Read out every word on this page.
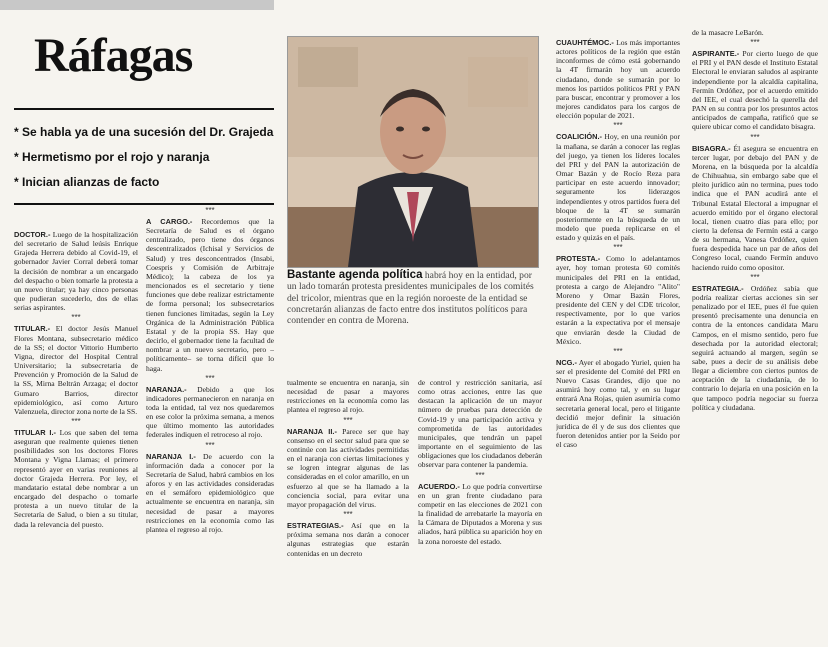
Ráfagas
* Se habla ya de una sucesión del Dr. Grajeda
* Hermetismo por el rojo y naranja
* Inician alianzas de facto
Bastante agenda política habrá hoy en la entidad, por un lado tomarán protesta presidentes municipales de los comités del tricolor, mientras que en la región noroeste de la entidad se concretarán alianzas de facto entre dos institutos políticos para contender en contra de Morena.

DOCTOR.- Luego de la hospitalización del secretario de Salud leúsis Enrique Grajeda Herrera debido al Covid-19, el gobernador Javier Corral deberá tomar la decisión de nombrar a un encargado del despacho o bien tomarle la protesta a un nuevo titular; ya hay cinco personas que pudieran sucederlo, dos de ellas serias aspirantes.

***

TITULAR.- El doctor Jesús Manuel Flores Montana, subsecretario médico de la SS; el doctor Vittorio Humberto Vigna, director del Hospital Central Universitario; la subsecretaria de Prevención y Promoción de la Salud de la SS, Mirna Beltrán Arzaga; el doctor Gumaro Barrios, director epidemiológico, así como Arturo Valenzuela, director zona norte de la SS.

***

TITULAR I.- Los que saben del tema aseguran que realmente quienes tienen posibilidades son los doctores Flores Montana y Vigna Llamas; el primero representó ayer en varias reuniones al doctor Grajeda Herrera. Por ley, el mandatario estatal debe nombrar a un encargado del despacho o tomarle protesta a un nuevo titular de la Secretaría de Salud, o bien a su titular, dada la relevancia del puesto.

***

A CARGO.- Recordemos que la Secretaría de Salud es el órgano centralizado, pero tiene dos órganos descentralizados (Ichisal y Servicios de Salud) y tres desconcentrados (Insabi, Coespris y Comisión de Arbitraje Médico); la cabeza de los ya mencionados es el secretario y tiene funciones que debe realizar estrictamente de forma personal; los subsecretarios tienen funciones limitadas, según la Ley Orgánica de la Administración Pública Estatal y de la propia SS. Hay que decirlo, el gobernador tiene la facultad de nombrar a un nuevo secretario, pero –políticamente– se torna difícil que lo haga.

***

NARANJA.- Debido a que los indicadores permanecieron en naranja en toda la entidad, tal vez nos quedaremos en ese color la próxima semana, a menos que último momento las autoridades federales indiquen el retroceso al rojo.

***

NARANJA I.- De acuerdo con la información dada a conocer por la Secretaría de Salud, habrá cambios en los aforos y en las actividades consideradas en el semáforo epidemiológico que actualmente se encuentra en naranja, sin necesidad de pasar a mayores restricciones en la economía como las plantea el regreso al rojo.

tualmente se encuentra en naranja, sin necesidad de pasar a mayores restricciones en la economía como las plantea el regreso al rojo.

***

NARANJA II.- Parece ser que hay consenso en el sector salud para que se continúe con las actividades permitidas en el naranja con ciertas limitaciones y se logren integrar algunas de las consideradas en el color amarillo, en un esfuerzo al que se ha llamado a la conciencia social, para evitar una mayor propagación del virus.

***

ESTRATEGIAS.- Así que en la próxima semana nos darán a conocer algunas estrategias que estarán contenidas en un decreto

de control y restricción sanitaria, así como otras acciones, entre las que destacan la aplicación de un mayor número de pruebas para detección de Covid-19 y una participación activa y comprometida de las autoridades municipales, que tendrán un papel importante en el seguimiento de las obligaciones que los ciudadanos deberán observar para contener la pandemia.

***

ACUERDO.- Lo que podría convertirse en un gran frente ciudadano para competir en las elecciones de 2021 con la finalidad de arrebatarle la mayoría en la Cámara de Diputados a Morena y sus aliados, hará pública su aparición hoy en la zona noroeste del estado.

CUAUHTÉMOC.- Los más importantes actores políticos de la región que están inconformes de cómo está gobernando la 4T firmarán hoy un acuerdo ciudadano, donde se sumarán por lo menos los partidos políticos PRI y PAN para buscar, encontrar y promover a los mejores candidatos para los cargos de elección popular de 2021.

***

COALICIÓN.- Hoy, en una reunión por la mañana, se darán a conocer las reglas del juego, ya tienen los líderes locales del PRI y del PAN la autorización de Omar Bazán y de Rocío Reza para participar en este acuerdo innovador; seguramente los liderazgos independientes y otros partidos fuera del bloque de la 4T se sumarán posteriormente en la búsqueda de un modelo que pueda replicarse en el estado y quizás en el país.

***

PROTESTA.- Como lo adelantamos ayer, hoy toman protesta 60 comités municipales del PRI en la entidad, protesta a cargo de Alejandro "Alito" Moreno y Omar Bazán Flores, presidente del CEN y del CDE tricolor, respectivamente, por lo que varios estarán a la expectativa por el mensaje que enviarán desde la Ciudad de México.

***

NCG.- Ayer el abogado Yuriel, quien ha ser el presidente del Comité del PRI en Nuevo Casas Grandes, dijo que no asumirá hoy como tal, y en su lugar entrará Ana Rojas, quien asumiría como secretaria general local, pero el litigante decidió mejor definir la situación jurídica de él y de sus dos clientes que fueron detenidos antier por la Seido por el caso

de la masacre LeBarón.

***

ASPIRANTE.- Por cierto luego de que el PRI y el PAN desde el Instituto Estatal Electoral le enviaran saludos al aspirante independiente por la alcaldía capitalina, Fermín Ordóñez, por el acuerdo emitido del IEE, el cual desechó la querella del PAN en su contra por los presuntos actos anticipados de campaña, ratificó que se quiere ubicar como el candidato bisagra.

***

BISAGRA.- Él asegura se encuentra en tercer lugar, por debajo del PAN y de Morena, en la búsqueda por la alcaldía de Chihuahua, sin embargo sabe que el pleito jurídico aún no termina, pues todo indica que el PAN acudirá ante el Tribunal Estatal Electoral a impugnar el acuerdo emitido por el órgano electoral local, tienen cuatro días para ello; por cierto la defensa de Fermín está a cargo de su hermana, Vanesa Ordóñez, quien fuera despedida hace un par de años del Congreso local, cuando Fermín anduvo haciendo ruido como opositor.

***

ESTRATEGIA.- Ordóñez sabía que podría realizar ciertas acciones sin ser penalizado por el IEE, pues él fue quien presentó precisamente una denuncia en contra de la entonces candidata Maru Campos, en el mismo sentido, pero fue desechada por la autoridad electoral; seguirá actuando al margen, según se sabe, pues a decir de su análisis debe llegar a diciembre con ciertos puntos de aceptación de la ciudadanía, de lo contrario lo dejaría en una posición en la que tampoco podría negociar su fuerza política y ciudadana.
